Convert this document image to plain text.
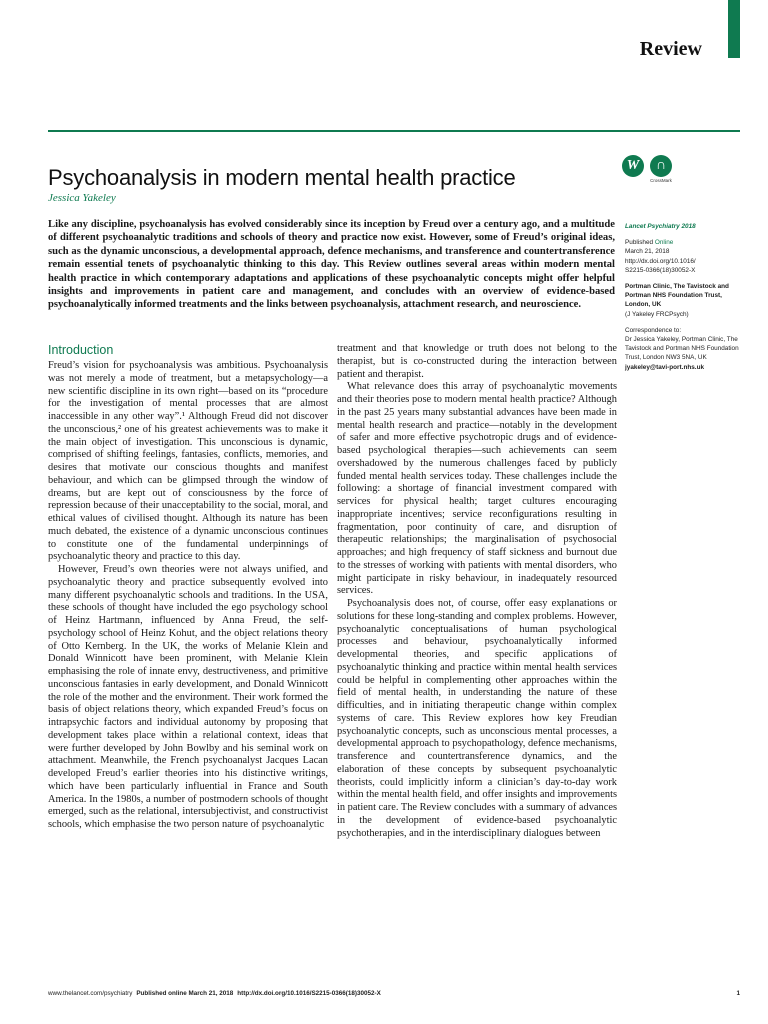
Review
Psychoanalysis in modern mental health practice
Jessica Yakeley
W	∩
CrossMark

Like any discipline, psychoanalysis has evolved considerably since its inception by Freud over a century ago, and a multitude of different psychoanalytic traditions and schools of theory and practice now exist. However, some of Freud’s original ideas, such as the dynamic unconscious, a developmental approach, defence mechanisms, and transference and countertransference remain essential tenets of psychoanalytic thinking to this day. This Review outlines several areas within modern mental health practice in which contemporary adaptations and applications of these psychoanalytic concepts might offer helpful insights and improvements in patient care and management, and concludes with an overview of evidence-based psychoanalytically informed treatments and the links between psychoanalysis, attachment research, and neuroscience.

Lancet Psychiatry 2018

Published Online
March 21, 2018
http://dx.doi.org/10.1016/
S2215-0366(18)30052-X

Portman Clinic, The Tavistock and Portman NHS Foundation Trust, London, UK
(J Yakeley FRCPsych)

Correspondence to:
Dr Jessica Yakeley, Portman Clinic, The Tavistock and Portman NHS Foundation Trust, London NW3 5NA, UK
jyakeley@tavi-port.nhs.uk

Introduction

Freud’s vision for psychoanalysis was ambitious. Psychoanalysis was not merely a mode of treatment, but a metapsychology—a new scientific discipline in its own right—based on its “procedure for the investigation of mental processes that are almost inaccessible in any other way”.¹ Although Freud did not discover the unconscious,² one of his greatest achievements was to make it the main object of investigation. This unconscious is dynamic, comprised of shifting feelings, fantasies, conflicts, memories, and desires that motivate our conscious thoughts and manifest behaviour, and which can be glimpsed through the window of dreams, but are kept out of consciousness by the force of repression because of their unacceptability to the social, moral, and ethical values of civilised thought. Although its nature has been much debated, the existence of a dynamic unconscious continues to constitute one of the fundamental underpinnings of psychoanalytic theory and practice to this day.

However, Freud’s own theories were not always unified, and psychoanalytic theory and practice subsequently evolved into many different psychoanalytic schools and traditions. In the USA, these schools of thought have included the ego psychology school of Heinz Hartmann, influenced by Anna Freud, the self-psychology school of Heinz Kohut, and the object relations theory of Otto Kernberg. In the UK, the works of Melanie Klein and Donald Winnicott have been prominent, with Melanie Klein emphasising the role of innate envy, destructiveness, and primitive unconscious fantasies in early development, and Donald Winnicott the role of the mother and the environment. Their work formed the basis of object relations theory, which expanded Freud’s focus on intrapsychic factors and individual autonomy by proposing that development takes place within a relational context, ideas that were further developed by John Bowlby and his seminal work on attachment. Meanwhile, the French psychoanalyst Jacques Lacan developed Freud’s earlier theories into his distinctive writings, which have been particularly influential in France and South America. In the 1980s, a number of postmodern schools of thought emerged, such as the relational, intersubjectivist, and constructivist schools, which emphasise the two person nature of psychoanalytic

treatment and that knowledge or truth does not belong to the therapist, but is co-constructed during the interaction between patient and therapist.

What relevance does this array of psychoanalytic movements and their theories pose to modern mental health practice? Although in the past 25 years many substantial advances have been made in mental health research and practice—notably in the development of safer and more effective psychotropic drugs and of evidence-based psychological therapies—such achievements can seem overshadowed by the numerous challenges faced by publicly funded mental health services today. These challenges include the following: a shortage of financial investment compared with services for physical health; target cultures encouraging inappropriate incentives; service reconfigurations resulting in fragmentation, poor continuity of care, and disruption of therapeutic relationships; the marginalisation of psychosocial approaches; and high frequency of staff sickness and burnout due to the stresses of working with patients with mental disorders, who might participate in risky behaviour, in inadequately resourced services.

Psychoanalysis does not, of course, offer easy explanations or solutions for these long-standing and complex problems. However, psychoanalytic conceptualisations of human psychological processes and behaviour, psychoanalytically informed developmental theories, and specific applications of psychoanalytic thinking and practice within mental health services could be helpful in complementing other approaches within the field of mental health, in understanding the nature of these difficulties, and in initiating therapeutic change within complex systems of care. This Review explores how key Freudian psychoanalytic concepts, such as unconscious mental processes, a developmental approach to psychopathology, defence mechanisms, transference and countertransference dynamics, and the elaboration of these concepts by subsequent psychoanalytic theorists, could implicitly inform a clinician’s day-to-day work within the mental health field, and offer insights and improvements in patient care. The Review concludes with a summary of advances in the development of evidence-based psychoanalytic psychotherapies, and in the interdisciplinary dialogues between

www.thelancet.com/psychiatry Published online March 21, 2018 http://dx.doi.org/10.1016/S2215-0366(18)30052-X	1
